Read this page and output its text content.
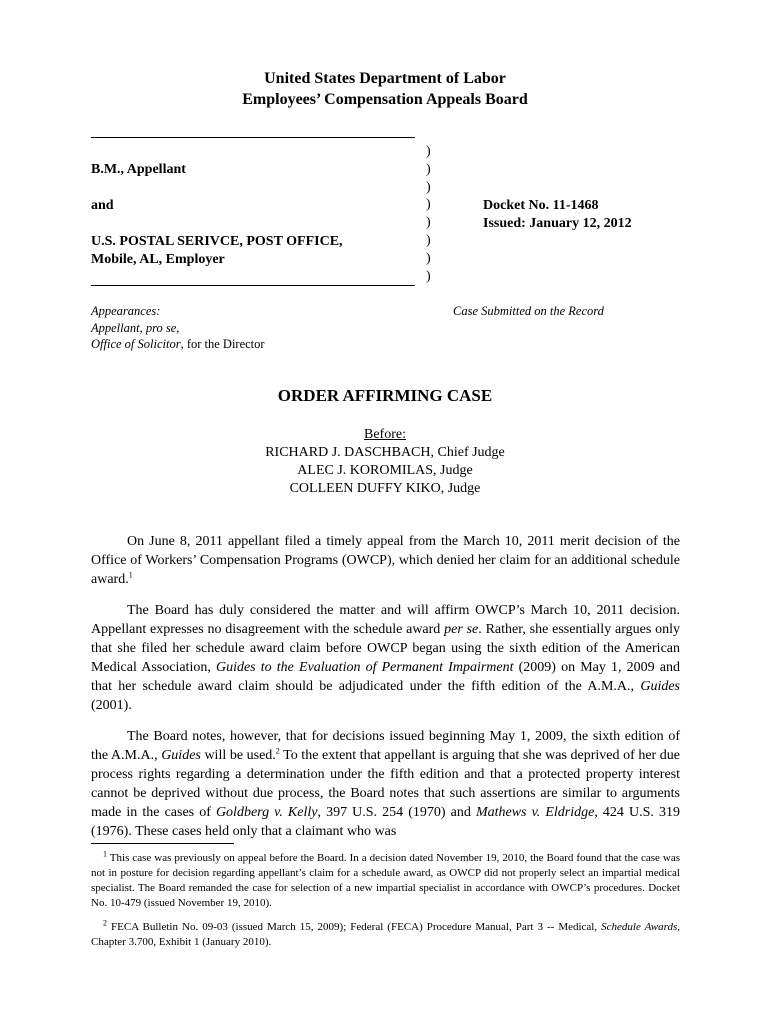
United States Department of Labor
Employees’ Compensation Appeals Board
B.M., Appellant
and
U.S. POSTAL SERIVCE, POST OFFICE,
Mobile, AL, Employer
)
)
)
)
)
)
)
)
Docket No. 11-1468
Issued: January 12, 2012
Appearances:
Appellant, pro se,
Office of Solicitor, for the Director
Case Submitted on the Record
ORDER AFFIRMING CASE
Before:
RICHARD J. DASCHBACH, Chief Judge
ALEC J. KOROMILAS, Judge
COLLEEN DUFFY KIKO, Judge

On June 8, 2011 appellant filed a timely appeal from the March 10, 2011 merit decision of the Office of Workers’ Compensation Programs (OWCP), which denied her claim for an additional schedule award.$^1$

The Board has duly considered the matter and will affirm OWCP’s March 10, 2011 decision. Appellant expresses no disagreement with the schedule award per se. Rather, she essentially argues only that she filed her schedule award claim before OWCP began using the sixth edition of the American Medical Association, Guides to the Evaluation of Permanent Impairment (2009) on May 1, 2009 and that her schedule award claim should be adjudicated under the fifth edition of the A.M.A., Guides (2001).

The Board notes, however, that for decisions issued beginning May 1, 2009, the sixth edition of the A.M.A., Guides will be used.$^2$ To the extent that appellant is arguing that she was deprived of her due process rights regarding a determination under the fifth edition and that a protected property interest cannot be deprived without due process, the Board notes that such assertions are similar to arguments made in the cases of Goldberg v. Kelly, 397 U.S. 254 (1970) and Mathews v. Eldridge, 424 U.S. 319 (1976). These cases held only that a claimant who was

$^1$ This case was previously on appeal before the Board. In a decision dated November 19, 2010, the Board found that the case was not in posture for decision regarding appellant’s claim for a schedule award, as OWCP did not properly select an impartial medical specialist. The Board remanded the case for selection of a new impartial specialist in accordance with OWCP’s procedures. Docket No. 10-479 (issued November 19, 2010).

$^2$ FECA Bulletin No. 09-03 (issued March 15, 2009); Federal (FECA) Procedure Manual, Part 3 -- Medical, Schedule Awards, Chapter 3.700, Exhibit 1 (January 2010).
